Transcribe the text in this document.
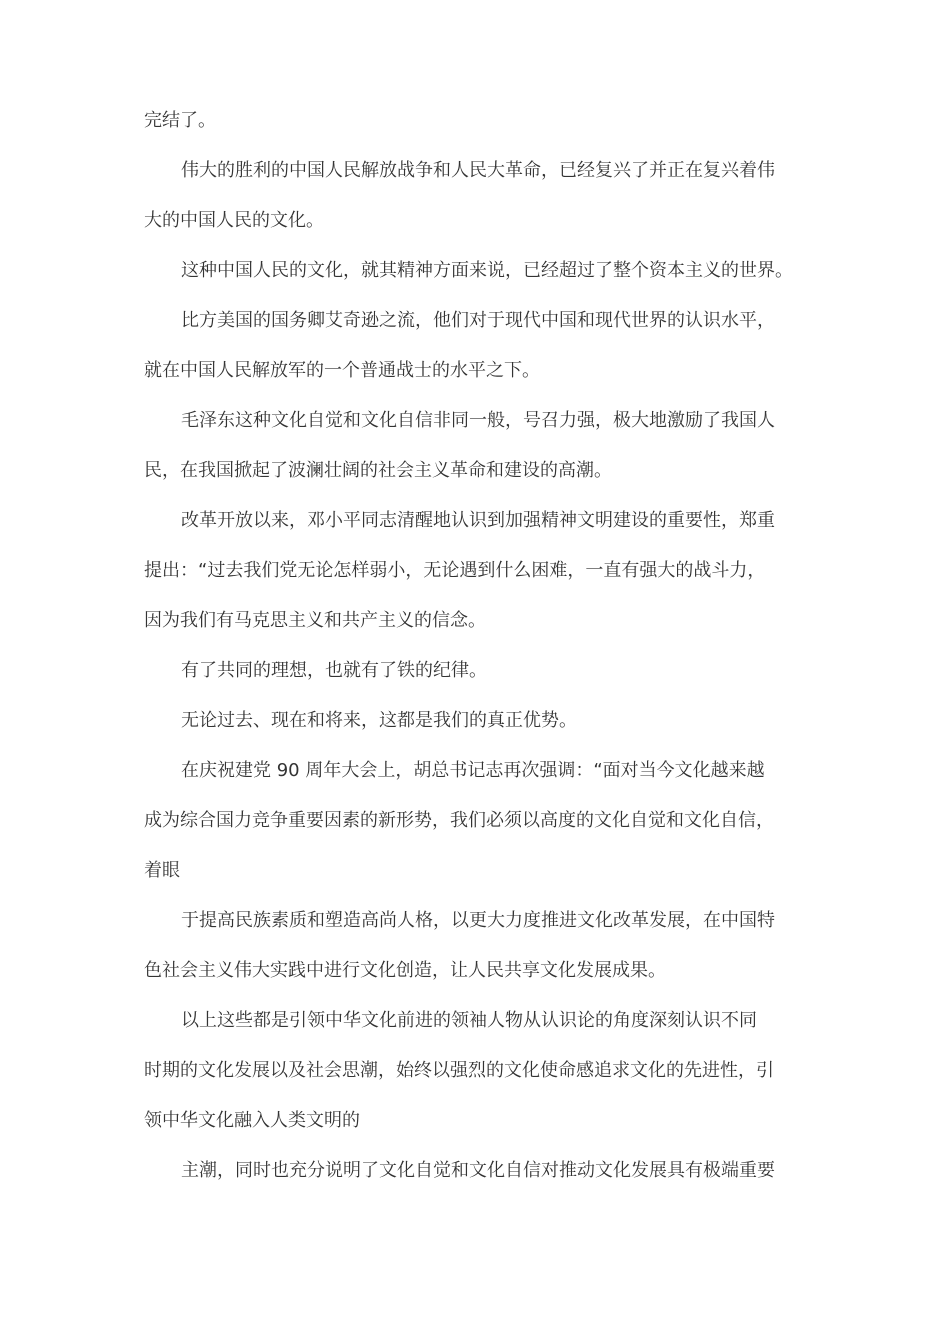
完结了。
伟大的胜利的中国人民解放战争和人民大革命，已经复兴了并正在复兴着伟
大的中国人民的文化。
这种中国人民的文化，就其精神方面来说，已经超过了整个资本主义的世界。
比方美国的国务卿艾奇逊之流，他们对于现代中国和现代世界的认识水平，
就在中国人民解放军的一个普通战士的水平之下。
毛泽东这种文化自觉和文化自信非同一般，号召力强，极大地激励了我国人
民，在我国掀起了波澜壮阔的社会主义革命和建设的高潮。
改革开放以来，邓小平同志清醒地认识到加强精神文明建设的重要性，郑重
提出：“过去我们党无论怎样弱小，无论遇到什么困难，一直有强大的战斗力，
因为我们有马克思主义和共产主义的信念。
有了共同的理想，也就有了铁的纪律。
无论过去、现在和将来，这都是我们的真正优势。
在庆祝建党 90 周年大会上，胡总书记志再次强调：“面对当今文化越来越
成为综合国力竞争重要因素的新形势，我们必须以高度的文化自觉和文化自信，
着眼
于提高民族素质和塑造高尚人格，以更大力度推进文化改革发展，在中国特
色社会主义伟大实践中进行文化创造，让人民共享文化发展成果。
以上这些都是引领中华文化前进的领袖人物从认识论的角度深刻认识不同
时期的文化发展以及社会思潮，始终以强烈的文化使命感追求文化的先进性，引
领中华文化融入人类文明的
主潮，同时也充分说明了文化自觉和文化自信对推动文化发展具有极端重要
